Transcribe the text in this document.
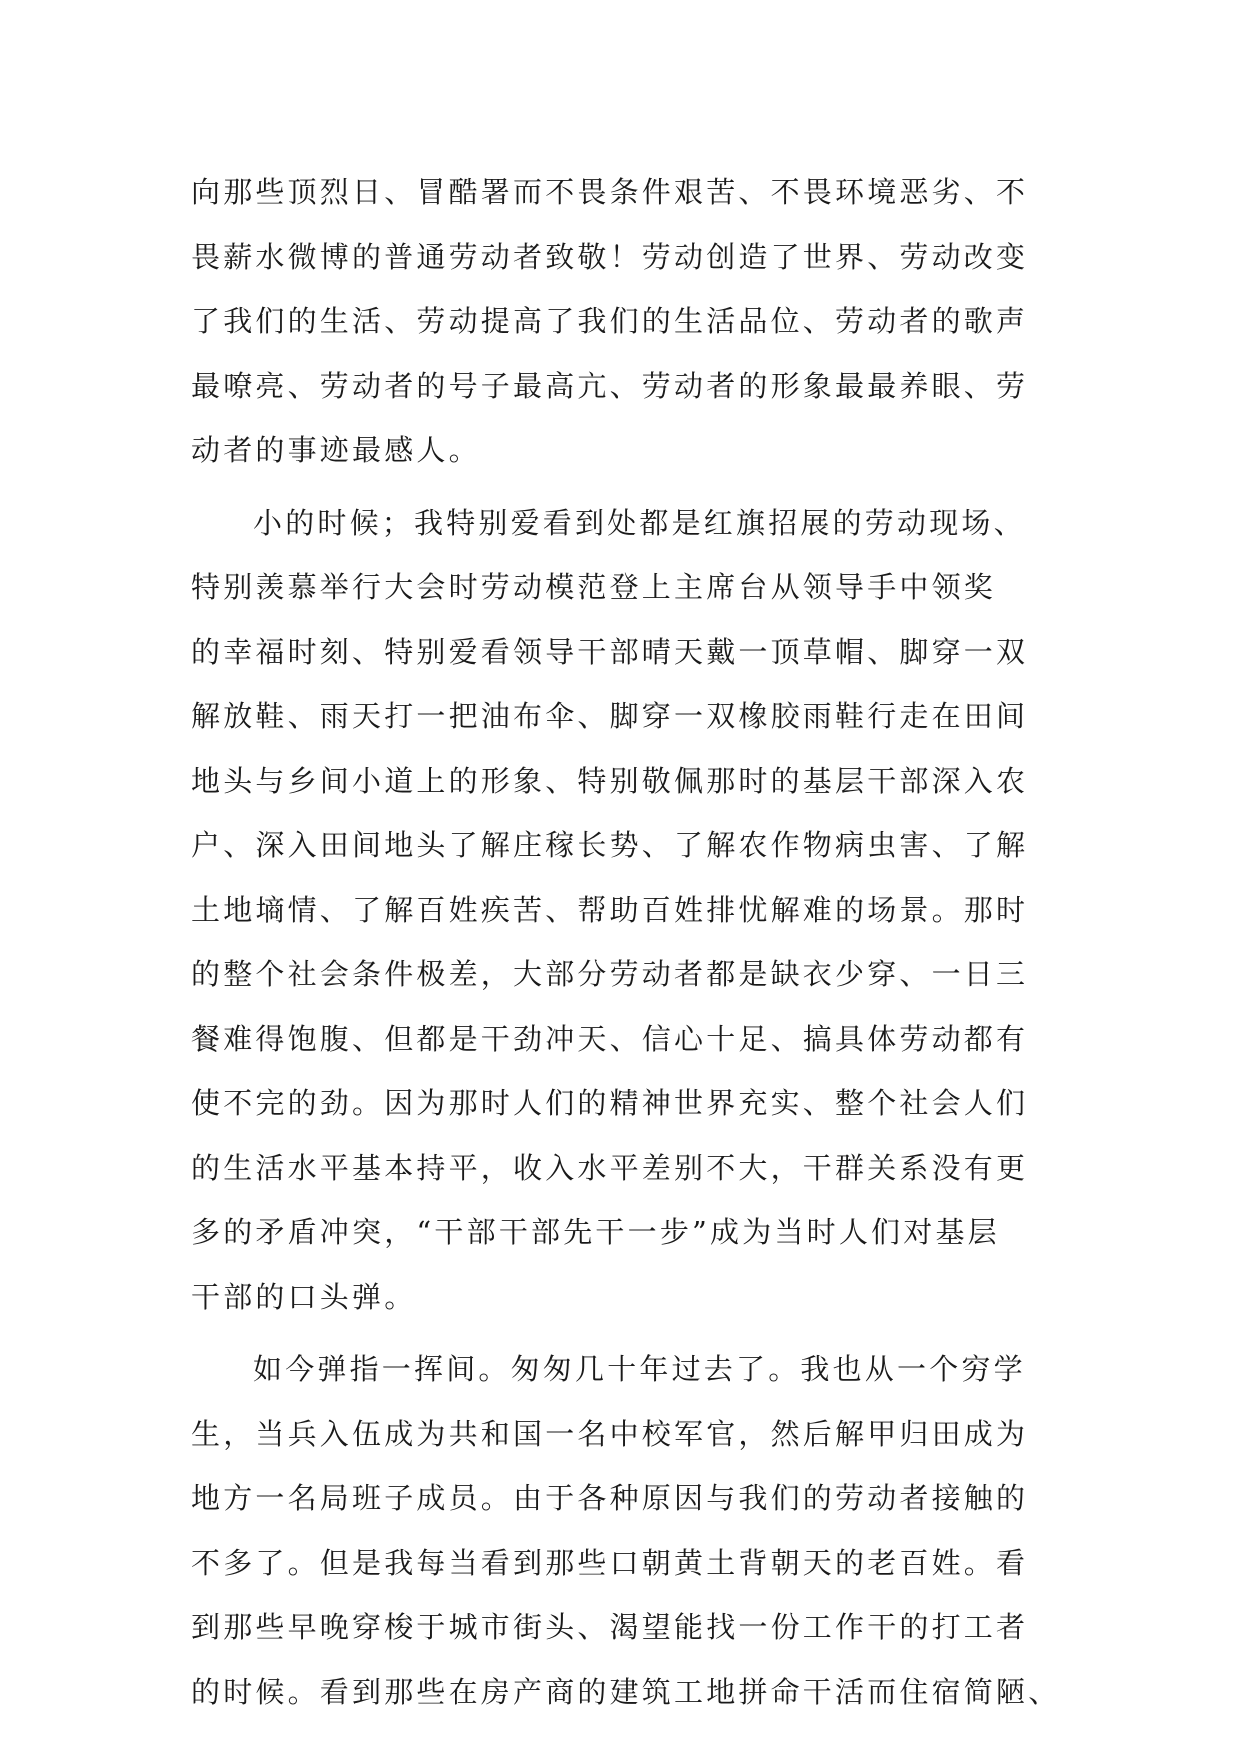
向那些顶烈日、冒酷署而不畏条件艰苦、不畏环境恶劣、不
畏薪水微博的普通劳动者致敬！劳动创造了世界、劳动改变
了我们的生活、劳动提高了我们的生活品位、劳动者的歌声
最嘹亮、劳动者的号子最高亢、劳动者的形象最最养眼、劳
动者的事迹最感人。
小的时候；我特别爱看到处都是红旗招展的劳动现场、
特别羡慕举行大会时劳动模范登上主席台从领导手中领奖
的幸福时刻、特别爱看领导干部晴天戴一顶草帽、脚穿一双
解放鞋、雨天打一把油布伞、脚穿一双橡胶雨鞋行走在田间
地头与乡间小道上的形象、特别敬佩那时的基层干部深入农
户、深入田间地头了解庄稼长势、了解农作物病虫害、了解
土地墒情、了解百姓疾苦、帮助百姓排忧解难的场景。那时
的整个社会条件极差，大部分劳动者都是缺衣少穿、一日三
餐难得饱腹、但都是干劲冲天、信心十足、搞具体劳动都有
使不完的劲。因为那时人们的精神世界充实、整个社会人们
的生活水平基本持平，收入水平差别不大，干群关系没有更
多的矛盾冲突，“干部干部先干一步”成为当时人们对基层
干部的口头弹。
如今弹指一挥间。匆匆几十年过去了。我也从一个穷学
生，当兵入伍成为共和国一名中校军官，然后解甲归田成为
地方一名局班子成员。由于各种原因与我们的劳动者接触的
不多了。但是我每当看到那些口朝黄土背朝天的老百姓。看
到那些早晚穿梭于城市街头、渴望能找一份工作干的打工者
的时候。看到那些在房产商的建筑工地拼命干活而住宿简陋、
